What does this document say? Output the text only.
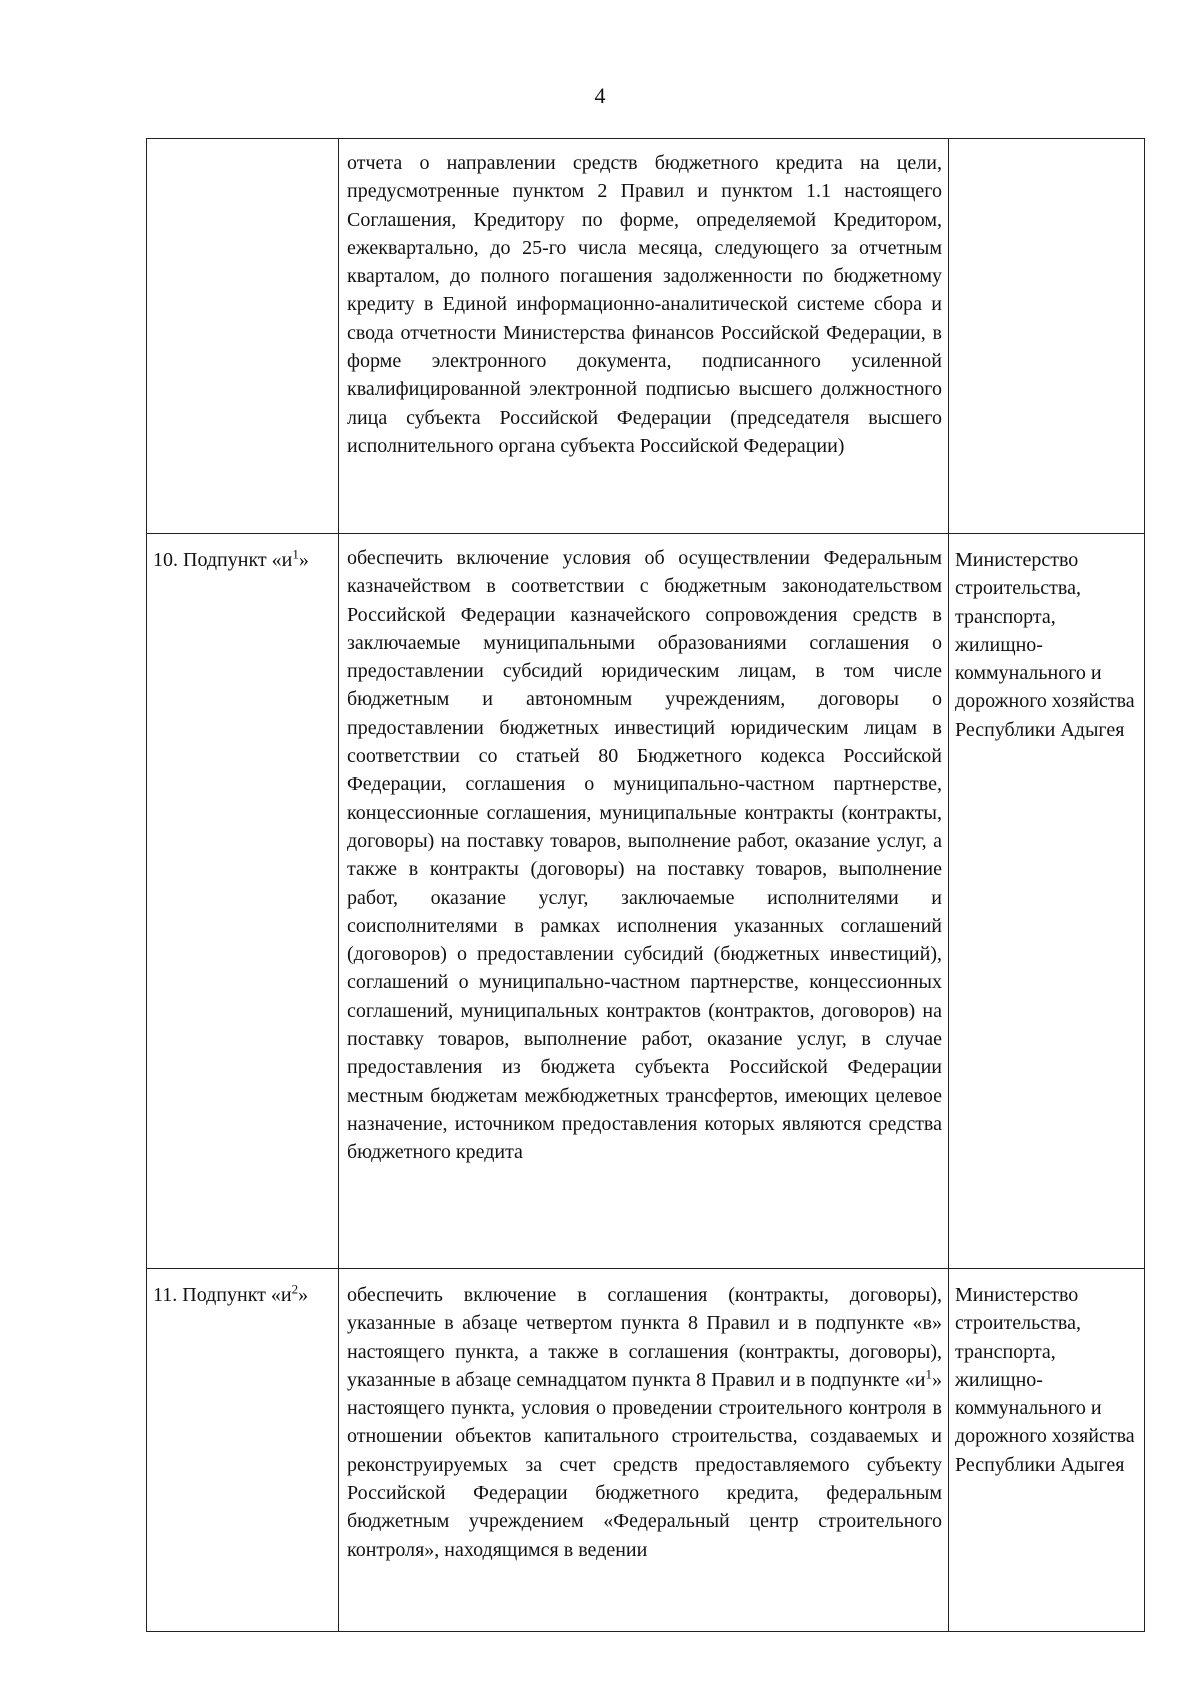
4
	отчета о направлении средств бюджетного кредита на цели, предусмотренные пунктом 2 Правил и пунктом 1.1 настоящего Соглашения, Кредитору по форме, определяемой Кредитором, ежеквартально, до 25-го числа месяца, следующего за отчетным кварталом, до полного погашения задолженности по бюджетному кредиту в Единой информационно-аналитической системе сбора и свода отчетности Министерства финансов Российской Федерации, в форме электронного документа, подписанного усиленной квалифицированной электронной подписью высшего должностного лица субъекта Российской Федерации (председателя высшего исполнительного органа субъекта Российской Федерации)	
10. Подпункт «$и^1$»	обеспечить включение условия об осуществлении Федеральным казначейством в соответствии с бюджетным законодательством Российской Федерации казначейского сопровождения средств в заключаемые муниципальными образованиями соглашения о предоставлении субсидий юридическим лицам, в том числе бюджетным и автономным учреждениям, договоры о предоставлении бюджетных инвестиций юридическим лицам в соответствии со статьей 80 Бюджетного кодекса Российской Федерации, соглашения о муниципально-частном партнерстве, концессионные соглашения, муниципальные контракты (контракты, договоры) на поставку товаров, выполнение работ, оказание услуг, а также в контракты (договоры) на поставку товаров, выполнение работ, оказание услуг, заключаемые исполнителями и соисполнителями в рамках исполнения указанных соглашений (договоров) о предоставлении субсидий (бюджетных инвестиций), соглашений о муниципально-частном партнерстве, концессионных соглашений, муниципальных контрактов (контрактов, договоров) на поставку товаров, выполнение работ, оказание услуг, в случае предоставления из бюджета субъекта Российской Федерации местным бюджетам межбюджетных трансфертов, имеющих целевое назначение, источником предоставления которых являются средства бюджетного кредита	Министерство строительства, транспорта, жилищно-коммунального и дорожного хозяйства Республики Адыгея
11. Подпункт «$и^2$»	обеспечить включение в соглашения (контракты, договоры), указанные в абзаце четвертом пункта 8 Правил и в подпункте «в» настоящего пункта, а также в соглашения (контракты, договоры), указанные в абзаце семнадцатом пункта 8 Правил и в подпункте «$и^1$» настоящего пункта, условия о проведении строительного контроля в отношении объектов капитального строительства, создаваемых и реконструируемых за счет средств предоставляемого субъекту Российской Федерации бюджетного кредита, федеральным бюджетным учреждением «Федеральный центр строительного контроля», находящимся в ведении	Министерство строительства, транспорта, жилищно-коммунального и дорожного хозяйства Республики Адыгея
